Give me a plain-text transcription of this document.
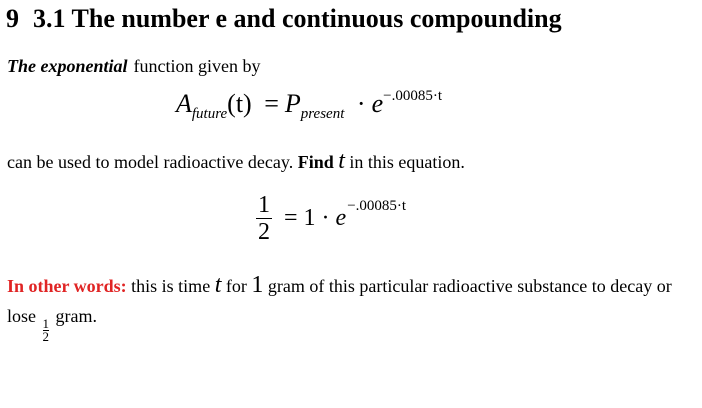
9 3.1 The number e and continuous compounding
The exponential function given by
$A_{future}(t) = P_{present} \cdot e^{-.00085\cdot t}$
can be used to model radioactive decay. Find t in this equation.
$\frac{1}{2} = 1 \cdot e -.00085\cdot t$
In other words: this is time t for 1 gram of this particular radioactive substance to decay or lose
$\frac{1}{2}$
gram.
